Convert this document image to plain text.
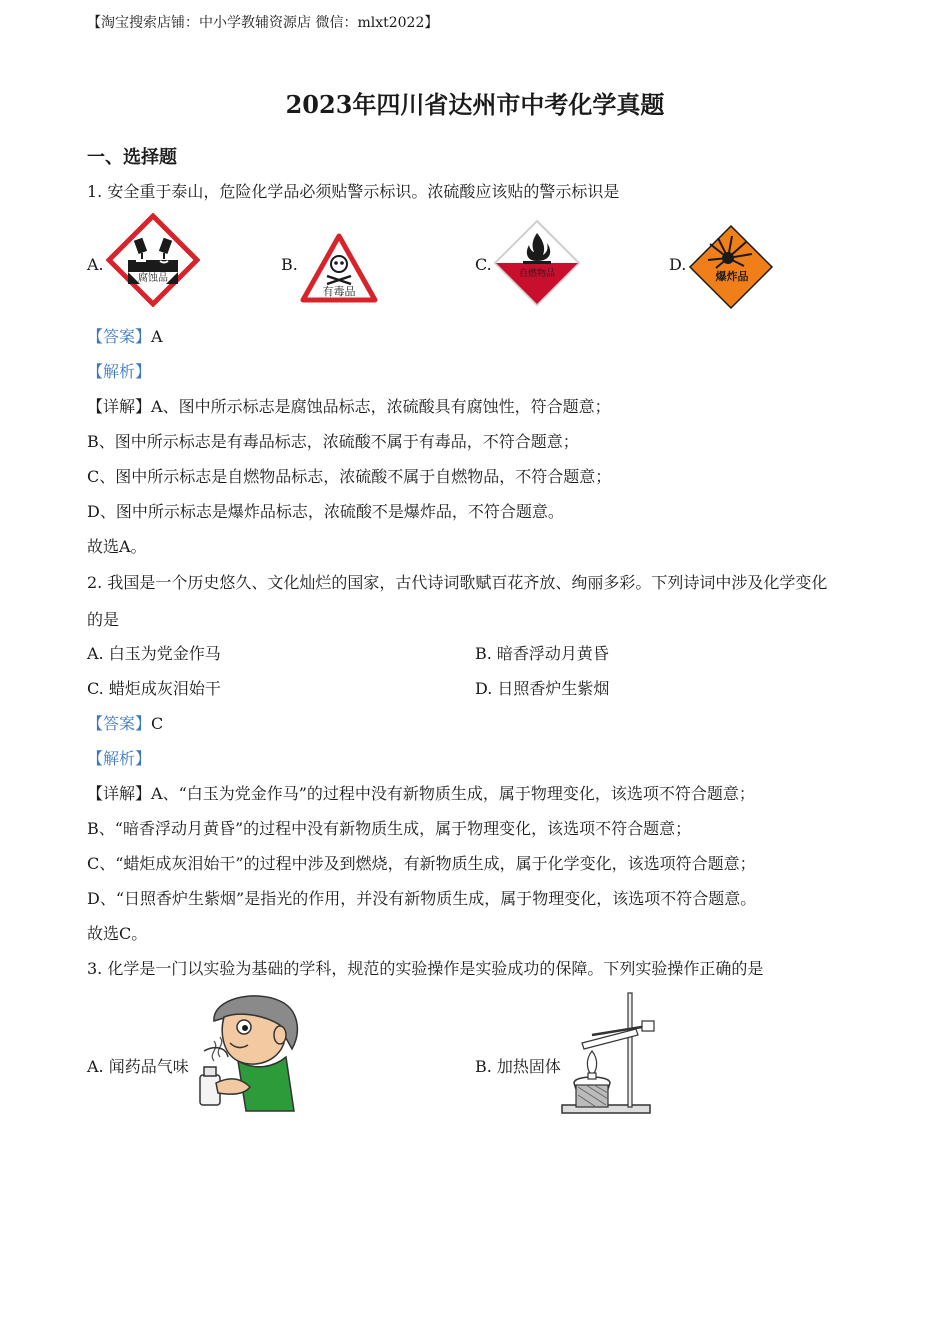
【淘宝搜索店铺：中小学教辅资源店 微信：mlxt2022】
2023年四川省达州市中考化学真题
一、选择题
1. 安全重于泰山，危险化学品必须贴警示标识。浓硫酸应该贴的警示标识是
A.
腐蚀品
B.
有毒品
C.	自燃物品	D.
爆炸品
【答案】A
【解析】
【详解】A、图中所示标志是腐蚀品标志，浓硫酸具有腐蚀性，符合题意；
B、图中所示标志是有毒品标志，浓硫酸不属于有毒品，不符合题意；
C、图中所示标志是自燃物品标志，浓硫酸不属于自燃物品，不符合题意；
D、图中所示标志是爆炸品标志，浓硫酸不是爆炸品，不符合题意。
故选A。
2. 我国是一个历史悠久、文化灿烂的国家，古代诗词歌赋百花齐放、绚丽多彩。下列诗词中涉及化学变化
的是
A. 白玉为党金作马	B. 暗香浮动月黄昏
C. 蜡炬成灰泪始干	D. 日照香炉生紫烟
【答案】C
【解析】
【详解】A、“白玉为党金作马”的过程中没有新物质生成，属于物理变化，该选项不符合题意；
B、“暗香浮动月黄昏”的过程中没有新物质生成，属于物理变化，该选项不符合题意；
C、“蜡炬成灰泪始干”的过程中涉及到燃烧，有新物质生成，属于化学变化，该选项符合题意；
D、“日照香炉生紫烟”是指光的作用，并没有新物质生成，属于物理变化，该选项不符合题意。
故选C。
3. 化学是一门以实验为基础的学科，规范的实验操作是实验成功的保障。下列实验操作正确的是
A. 闻药品气味	B. 加热固体
